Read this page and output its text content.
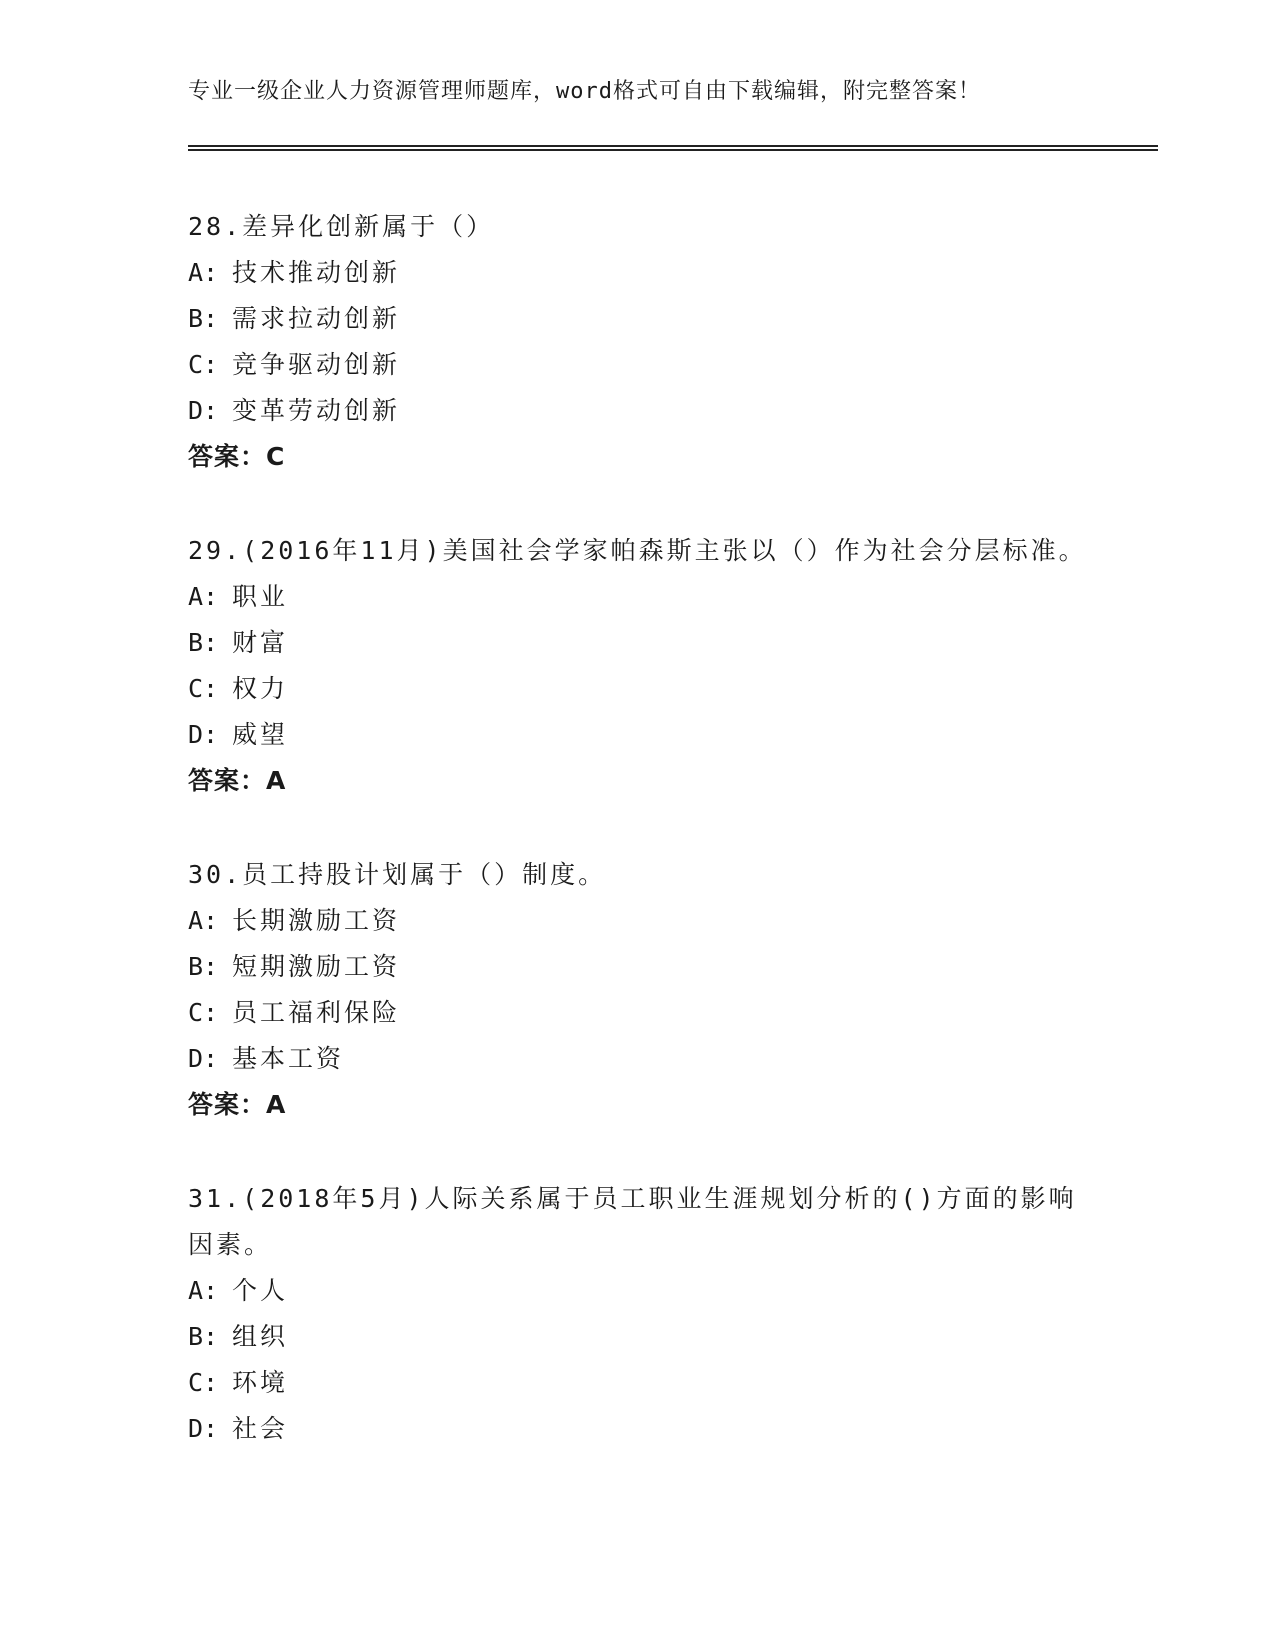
专业一级企业人力资源管理师题库，word格式可自由下载编辑，附完整答案！
28.差异化创新属于（）
A: 技术推动创新
B: 需求拉动创新
C: 竞争驱动创新
D: 变革劳动创新
答案：C
29.(2016年11月)美国社会学家帕森斯主张以（）作为社会分层标准。
A: 职业
B: 财富
C: 权力
D: 威望
答案：A
30.员工持股计划属于（）制度。
A: 长期激励工资
B: 短期激励工资
C: 员工福利保险
D: 基本工资
答案：A
31.(2018年5月)人际关系属于员工职业生涯规划分析的()方面的影响因素。
A: 个人
B: 组织
C: 环境
D: 社会
